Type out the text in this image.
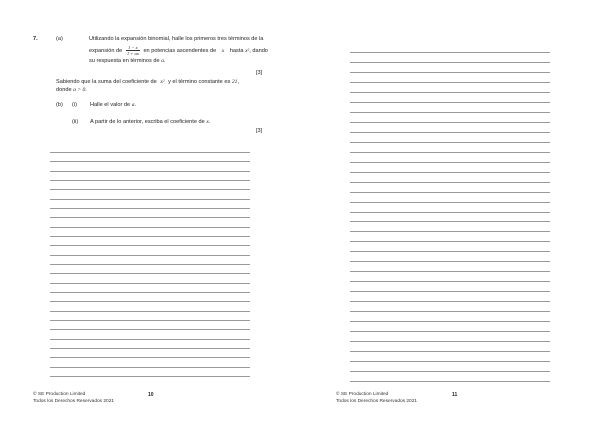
7.	(a)	Utilizando la expansión binomial, halle los primeros tres términos de la
expansión de $\frac{1 - x}{1 + ax}$ en potencias ascendentes de x hasta x², dando
su respuesta en términos de a.
[3]
Sabiendo que la suma del coeficiente de x² y el término constante es 21,
donde a > 0.
(b) (i) Halle el valor de a.
(ii) A partir de lo anterior, escriba el coeficiente de x.
[3]
© SE Production Limited
Todos los Derechos Reservados 2021
10	© SE Production Limited
Todos los Derechos Reservados 2021
11
